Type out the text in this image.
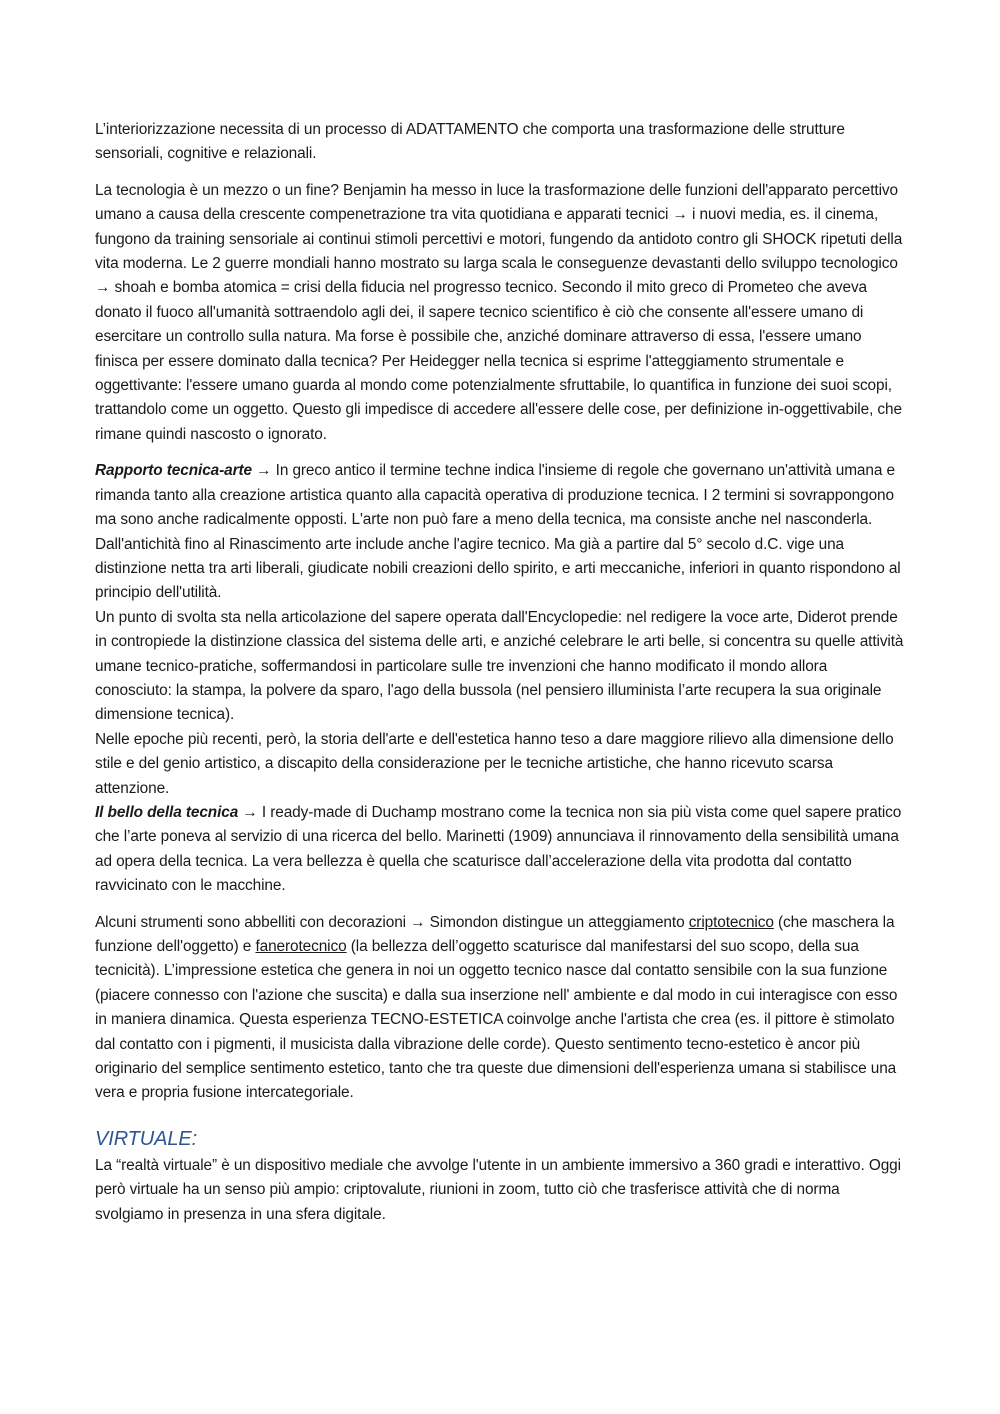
L’interiorizzazione necessita di un processo di ADATTAMENTO che comporta una trasformazione delle strutture sensoriali, cognitive e relazionali.

La tecnologia è un mezzo o un fine? Benjamin ha messo in luce la trasformazione delle funzioni dell'apparato percettivo umano a causa della crescente compenetrazione tra vita quotidiana e apparati tecnici → i nuovi media, es. il cinema, fungono da training sensoriale ai continui stimoli percettivi e motori, fungendo da antidoto contro gli SHOCK ripetuti della vita moderna. Le 2 guerre mondiali hanno mostrato su larga scala le conseguenze devastanti dello sviluppo tecnologico → shoah e bomba atomica = crisi della fiducia nel progresso tecnico. Secondo il mito greco di Prometeo che aveva donato il fuoco all'umanità sottraendolo agli dei, il sapere tecnico scientifico è ciò che consente all'essere umano di esercitare un controllo sulla natura. Ma forse è possibile che, anziché dominare attraverso di essa, l'essere umano finisca per essere dominato dalla tecnica? Per Heidegger nella tecnica si esprime l'atteggiamento strumentale e oggettivante: l'essere umano guarda al mondo come potenzialmente sfruttabile, lo quantifica in funzione dei suoi scopi, trattandolo come un oggetto. Questo gli impedisce di accedere all'essere delle cose, per definizione in-oggettivabile, che rimane quindi nascosto o ignorato.

Rapporto tecnica-arte → In greco antico il termine techne indica l'insieme di regole che governano un'attività umana e rimanda tanto alla creazione artistica quanto alla capacità operativa di produzione tecnica. I 2 termini si sovrappongono ma sono anche radicalmente opposti. L'arte non può fare a meno della tecnica, ma consiste anche nel nasconderla. Dall'antichità fino al Rinascimento arte include anche l'agire tecnico. Ma già a partire dal 5° secolo d.C. vige una distinzione netta tra arti liberali, giudicate nobili creazioni dello spirito, e arti meccaniche, inferiori in quanto rispondono al principio dell'utilità.

Un punto di svolta sta nella articolazione del sapere operata dall'Encyclopedie: nel redigere la voce arte, Diderot prende in contropiede la distinzione classica del sistema delle arti, e anziché celebrare le arti belle, si concentra su quelle attività umane tecnico-pratiche, soffermandosi in particolare sulle tre invenzioni che hanno modificato il mondo allora conosciuto: la stampa, la polvere da sparo, l'ago della bussola (nel pensiero illuminista l’arte recupera la sua originale dimensione tecnica).

Nelle epoche più recenti, però, la storia dell'arte e dell'estetica hanno teso a dare maggiore rilievo alla dimensione dello stile e del genio artistico, a discapito della considerazione per le tecniche artistiche, che hanno ricevuto scarsa attenzione.

Il bello della tecnica → I ready-made di Duchamp mostrano come la tecnica non sia più vista come quel sapere pratico che l’arte poneva al servizio di una ricerca del bello. Marinetti (1909) annunciava il rinnovamento della sensibilità umana ad opera della tecnica. La vera bellezza è quella che scaturisce dall’accelerazione della vita prodotta dal contatto ravvicinato con le macchine.

Alcuni strumenti sono abbelliti con decorazioni → Simondon distingue un atteggiamento criptotecnico (che maschera la funzione dell'oggetto) e fanerotecnico (la bellezza dell’oggetto scaturisce dal manifestarsi del suo scopo, della sua tecnicità). L’impressione estetica che genera in noi un oggetto tecnico nasce dal contatto sensibile con la sua funzione (piacere connesso con l'azione che suscita) e dalla sua inserzione nell' ambiente e dal modo in cui interagisce con esso in maniera dinamica. Questa esperienza TECNO-ESTETICA coinvolge anche l'artista che crea (es. il pittore è stimolato dal contatto con i pigmenti, il musicista dalla vibrazione delle corde). Questo sentimento tecno-estetico è ancor più originario del semplice sentimento estetico, tanto che tra queste due dimensioni dell'esperienza umana si stabilisce una vera e propria fusione intercategoriale.

VIRTUALE:

La “realtà virtuale” è un dispositivo mediale che avvolge l'utente in un ambiente immersivo a 360 gradi e interattivo. Oggi però virtuale ha un senso più ampio: criptovalute, riunioni in zoom, tutto ciò che trasferisce attività che di norma svolgiamo in presenza in una sfera digitale.
